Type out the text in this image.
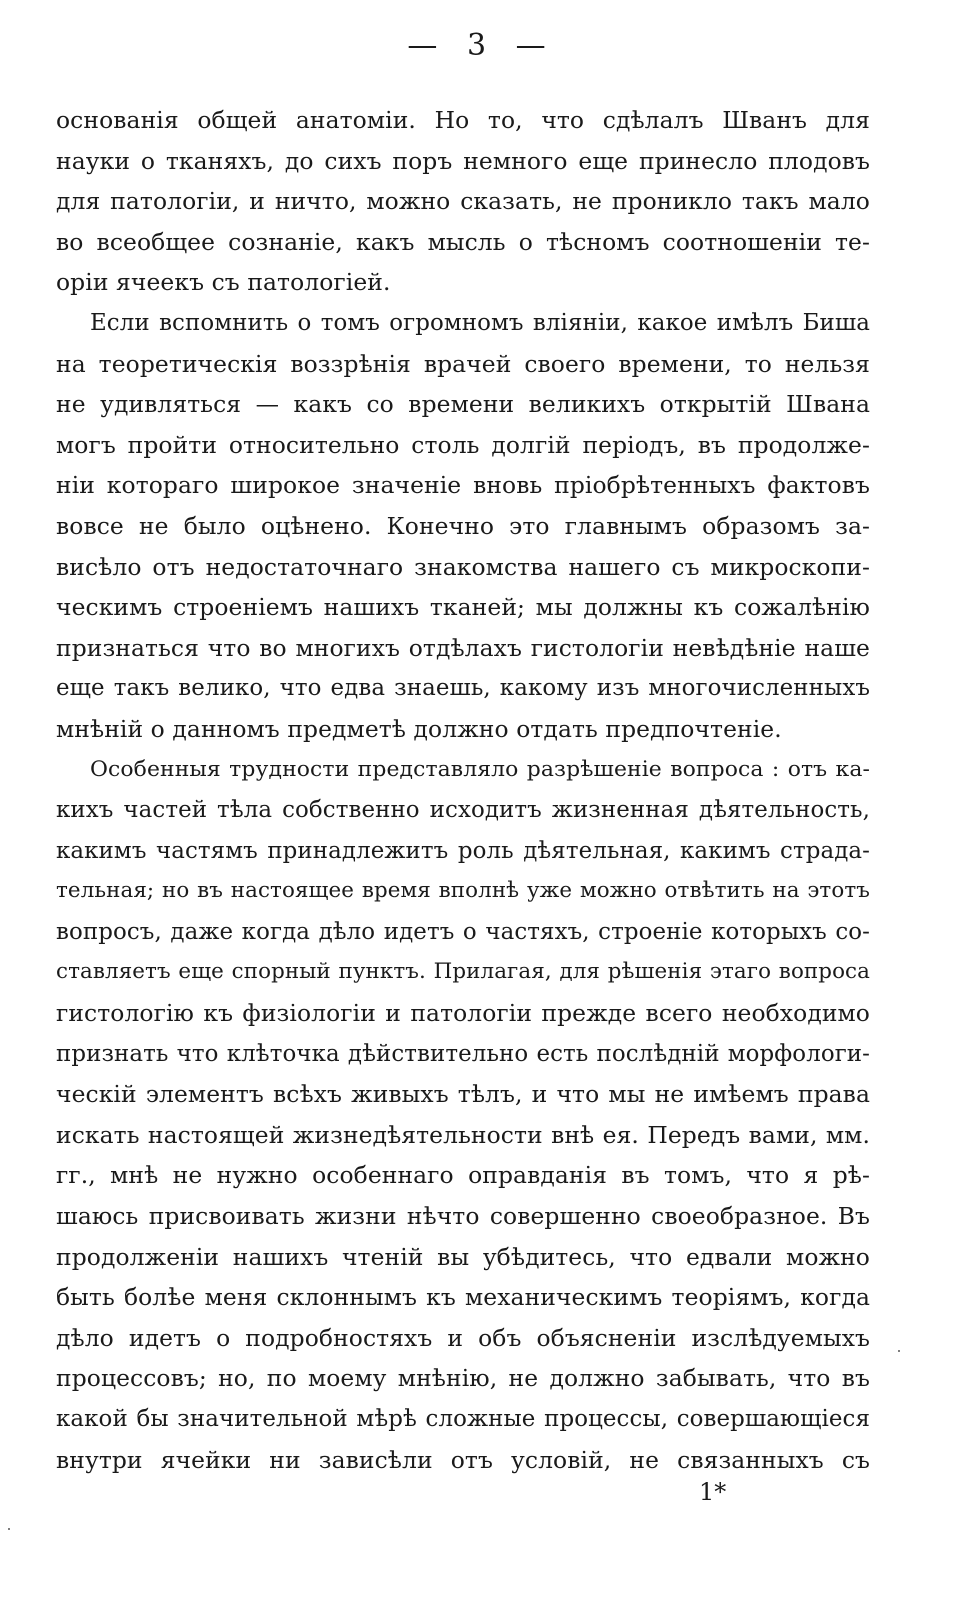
— 3 —
основанія общей анатоміи. Но то, что сдѣлалъ Шванъ для
науки о тканяхъ, до сихъ поръ немного еще принесло плодовъ
для патологіи, и ничто, можно сказать, не проникло такъ мало
во всеобщее сознаніе, какъ мысль о тѣсномъ соотношеніи те-
оріи ячеекъ съ патологіей.
Если вспомнить о томъ огромномъ вліяніи, какое имѣлъ Биша
на теоретическія воззрѣнія врачей своего времени, то нельзя
не удивляться — какъ со времени великихъ открытій Швана
могъ пройти относительно столь долгій періодъ, въ продолже-
ніи котораго широкое значеніе вновь пріобрѣтенныхъ фактовъ
вовсе не было оцѣнено. Конечно это главнымъ образомъ за-
висѣло отъ недостаточнаго знакомства нашего съ микроскопи-
ческимъ строеніемъ нашихъ тканей; мы должны къ сожалѣнію
признаться что во многихъ отдѣлахъ гистологіи невѣдѣніе наше
еще такъ велико, что едва знаешь, какому изъ многочисленныхъ
мнѣній о данномъ предметѣ должно отдать предпочтеніе.
Особенныя трудности представляло разрѣшеніе вопроса : отъ ка-
кихъ частей тѣла собственно исходитъ жизненная дѣятельность,
какимъ частямъ принадлежитъ роль дѣятельная, какимъ страда-
тельная; но въ настоящее время вполнѣ уже можно отвѣтить на этотъ
вопросъ, даже когда дѣло идетъ о частяхъ, строеніе которыхъ со-
ставляетъ еще спорный пунктъ. Прилагая, для рѣшенія этаго вопроса
гистологію къ физіологіи и патологіи прежде всего необходимо
признать что клѣточка дѣйствительно есть послѣдній морфологи-
ческій элементъ всѣхъ живыхъ тѣлъ, и что мы не имѣемъ права
искать настоящей жизнедѣятельности внѣ ея. Передъ вами, мм.
гг., мнѣ не нужно особеннаго оправданія въ томъ, что я рѣ-
шаюсь присвоивать жизни нѣчто совершенно своеобразное. Въ
продолженіи нашихъ чтеній вы убѣдитесь, что едвали можно
быть болѣе меня склоннымъ къ механическимъ теоріямъ, когда
дѣло идетъ о подробностяхъ и объ объясненіи изслѣдуемыхъ
процессовъ; но, по моему мнѣнію, не должно забывать, что въ
какой бы значительной мѣрѣ сложные процессы, совершающіеся
внутри ячейки ни зависѣли отъ условій, не связанныхъ съ
1*
